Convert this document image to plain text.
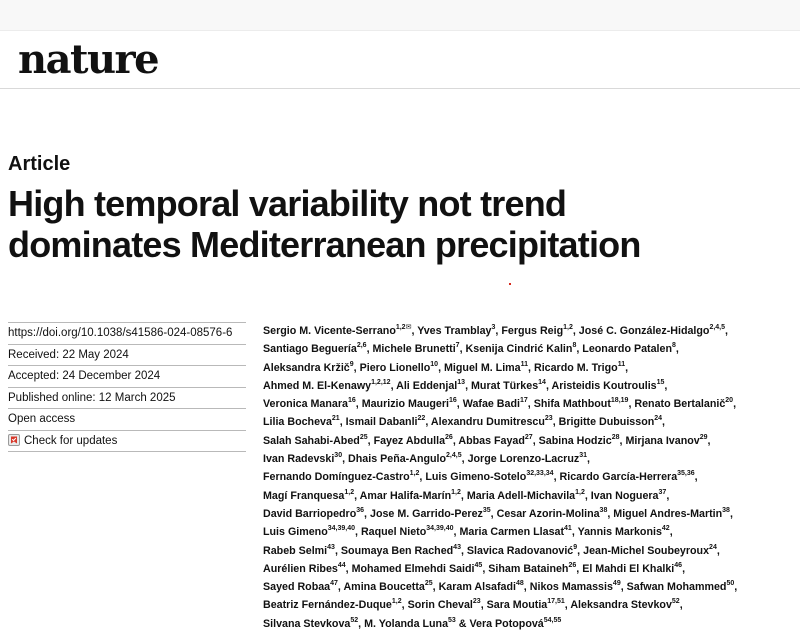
nature
Article
High temporal variability not trend
dominates Mediterranean precipitation
https://doi.org/10.1038/s41586-024-08576-6
Received: 22 May 2024
Accepted: 24 December 2024
Published online: 12 March 2025
Open access
Check for updates
Sergio M. Vicente-Serrano$^{1,2✉}$, Yves Tramblay$^3$, Fergus Reig$^{1,2}$, José C. González-Hidalgo$^{2,4,5}$,
Santiago Beguería$^{2,6}$, Michele Brunetti$^7$, Ksenija Cindrić Kalin$^8$, Leonardo Patalen$^8$,
Aleksandra Kržič$^9$, Piero Lionello$^{10}$, Miguel M. Lima$^{11}$, Ricardo M. Trigo$^{11}$,
Ahmed M. El-Kenawy$^{1,2,12}$, Ali Eddenjal$^{13}$, Murat Türkes$^{14}$, Aristeidis Koutroulis$^{15}$,
Veronica Manara$^{16}$, Maurizio Maugeri$^{16}$, Wafae Badi$^{17}$, Shifa Mathbout$^{18,19}$, Renato Bertalanič$^{20}$,
Lilia Bocheva$^{21}$, Ismail Dabanli$^{22}$, Alexandru Dumitrescu$^{23}$, Brigitte Dubuisson$^{24}$,
Salah Sahabi-Abed$^{25}$, Fayez Abdulla$^{26}$, Abbas Fayad$^{27}$, Sabina Hodzic$^{28}$, Mirjana Ivanov$^{29}$,
Ivan Radevski$^{30}$, Dhais Peña-Angulo$^{2,4,5}$, Jorge Lorenzo-Lacruz$^{31}$,
Fernando Domínguez-Castro$^{1,2}$, Luis Gimeno-Sotelo$^{32,33,34}$, Ricardo García-Herrera$^{35,36}$,
Magí Franquesa$^{1,2}$, Amar Halifa-Marín$^{1,2}$, Maria Adell-Michavila$^{1,2}$, Ivan Noguera$^{37}$,
David Barriopedro$^{36}$, Jose M. Garrido-Perez$^{35}$, Cesar Azorin-Molina$^{38}$, Miguel Andres-Martin$^{38}$,
Luis Gimeno$^{34,39,40}$, Raquel Nieto$^{34,39,40}$, Maria Carmen Llasat$^{41}$, Yannis Markonis$^{42}$,
Rabeb Selmi$^{43}$, Soumaya Ben Rached$^{43}$, Slavica Radovanović$^9$, Jean-Michel Soubeyroux$^{24}$,
Aurélien Ribes$^{44}$, Mohamed Elmehdi Saidi$^{45}$, Siham Bataineh$^{26}$, El Mahdi El Khalki$^{46}$,
Sayed Robaa$^{47}$, Amina Boucetta$^{25}$, Karam Alsafadi$^{48}$, Nikos Mamassis$^{49}$, Safwan Mohammed$^{50}$,
Beatriz Fernández-Duque$^{1,2}$, Sorin Cheval$^{23}$, Sara Moutia$^{17,51}$, Aleksandra Stevkov$^{52}$,
Silvana Stevkova$^{52}$, M. Yolanda Luna$^{53}$ & Vera Potopová$^{54,55}$
